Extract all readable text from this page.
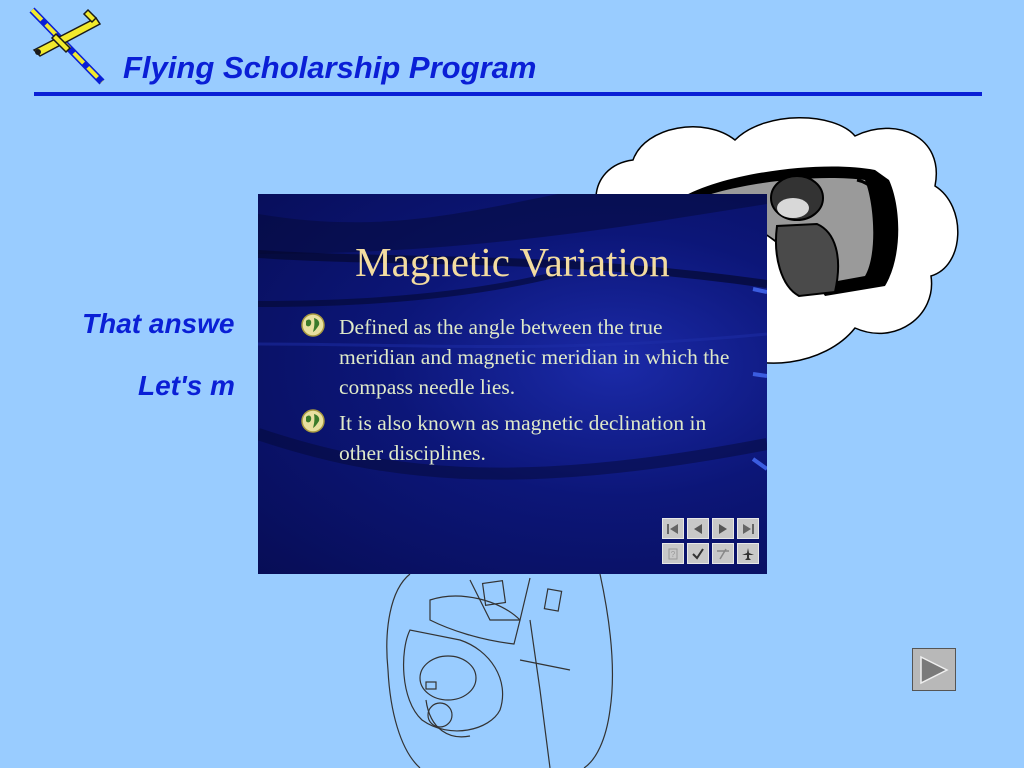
Flying Scholarship Program
That answe
Let's m
Magnetic Variation
Defined as the angle between the true meridian and magnetic meridian in which the compass needle lies.
It is also known as magnetic declination in other disciplines.
?
